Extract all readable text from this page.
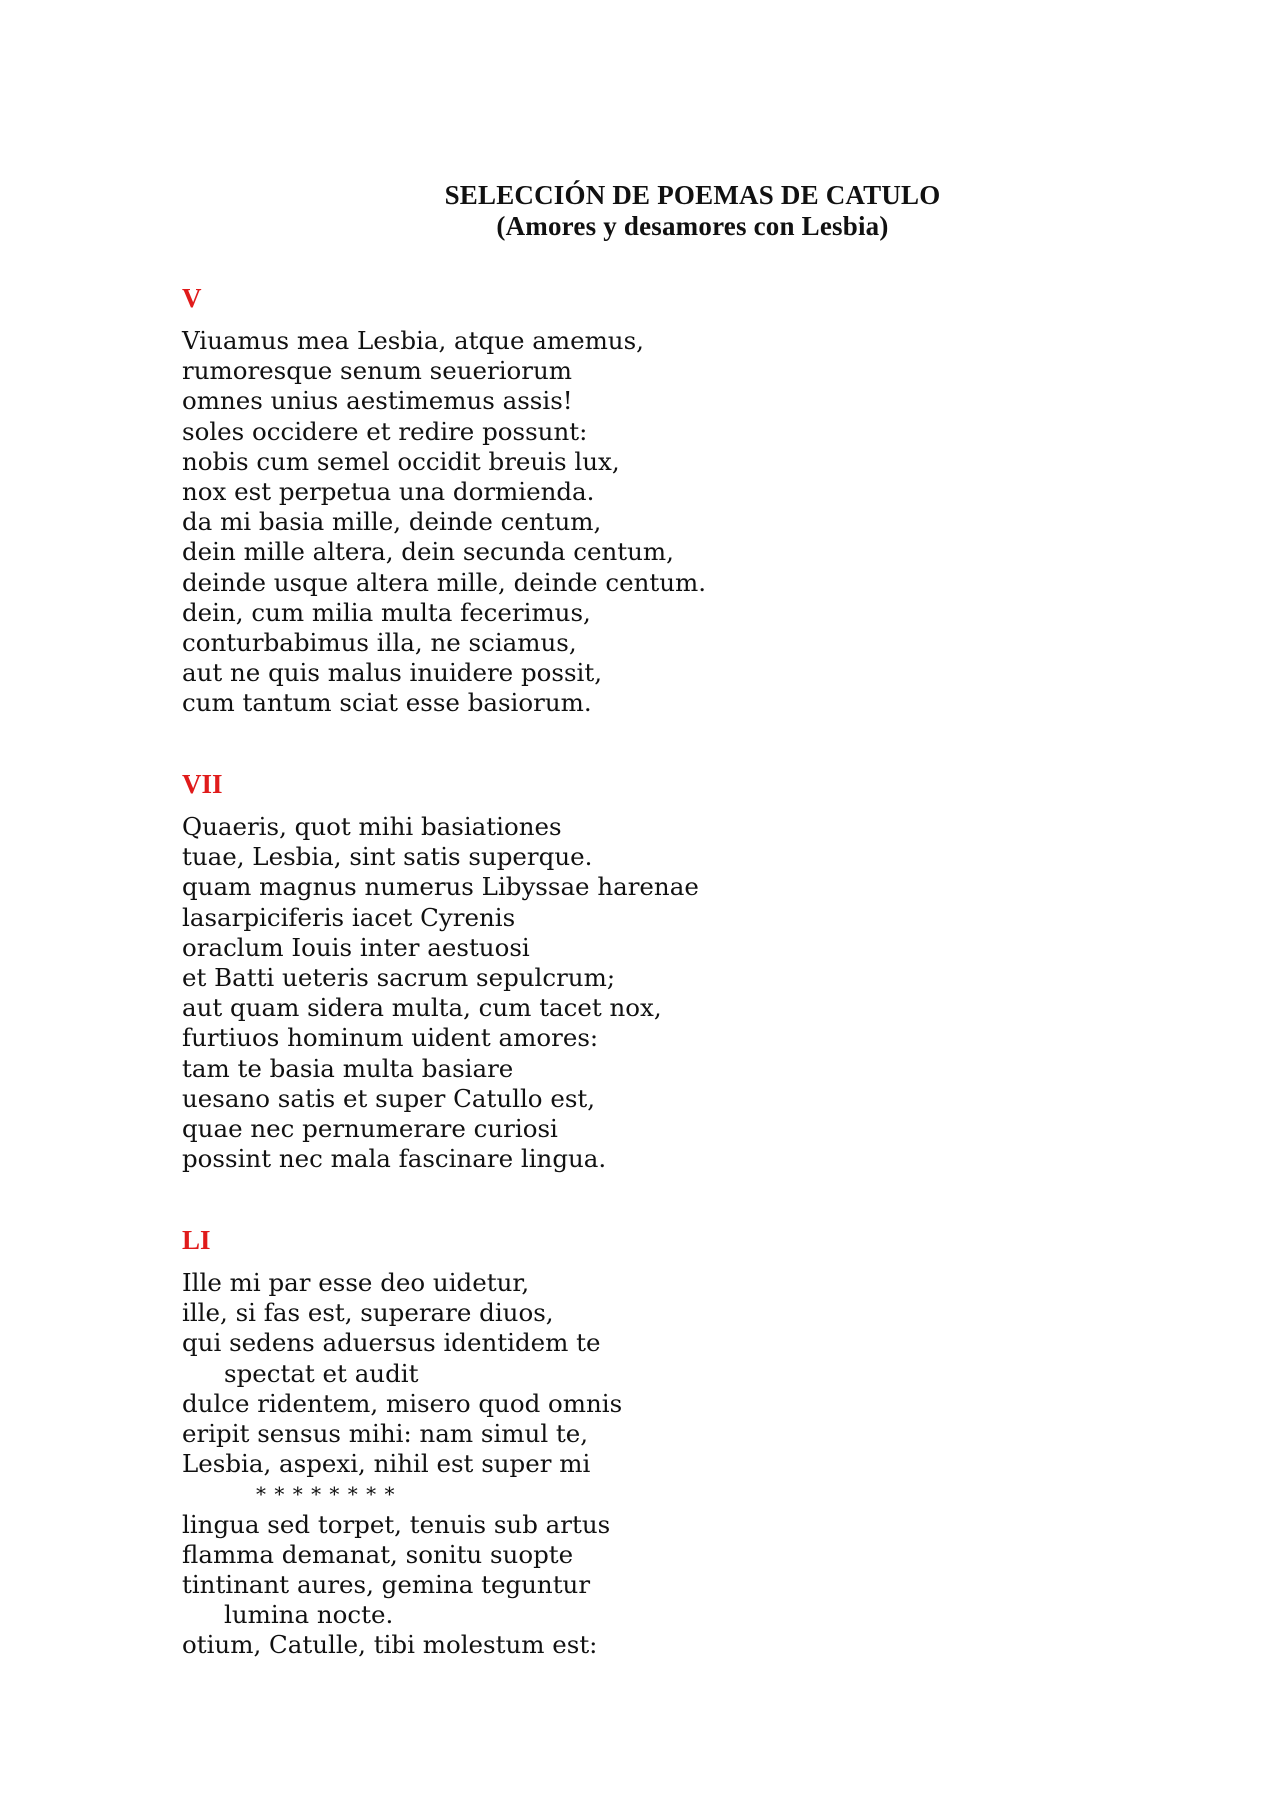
SELECCIÓN DE POEMAS DE CATULO
(Amores y desamores con Lesbia)
V
Viuamus mea Lesbia, atque amemus,
rumoresque senum seueriorum
omnes unius aestimemus assis!
soles occidere et redire possunt:
nobis cum semel occidit breuis lux,
nox est perpetua una dormienda.
da mi basia mille, deinde centum,
dein mille altera, dein secunda centum,
deinde usque altera mille, deinde centum.
dein, cum milia multa fecerimus,
conturbabimus illa, ne sciamus,
aut ne quis malus inuidere possit,
cum tantum sciat esse basiorum.
VII
Quaeris, quot mihi basiationes
tuae, Lesbia, sint satis superque.
quam magnus numerus Libyssae harenae
lasarpiciferis iacet Cyrenis
oraclum Iouis inter aestuosi
et Batti ueteris sacrum sepulcrum;
aut quam sidera multa, cum tacet nox,
furtiuos hominum uident amores:
tam te basia multa basiare
uesano satis et super Catullo est,
quae nec pernumerare curiosi
possint nec mala fascinare lingua.
LI
Ille mi par esse deo uidetur,
ille, si fas est, superare diuos,
qui sedens aduersus identidem te
spectat et audit
dulce ridentem, misero quod omnis
eripit sensus mihi: nam simul te,
Lesbia, aspexi, nihil est super mi
* * * * * * * *
lingua sed torpet, tenuis sub artus
flamma demanat, sonitu suopte
tintinant aures, gemina teguntur
lumina nocte.
otium, Catulle, tibi molestum est:
